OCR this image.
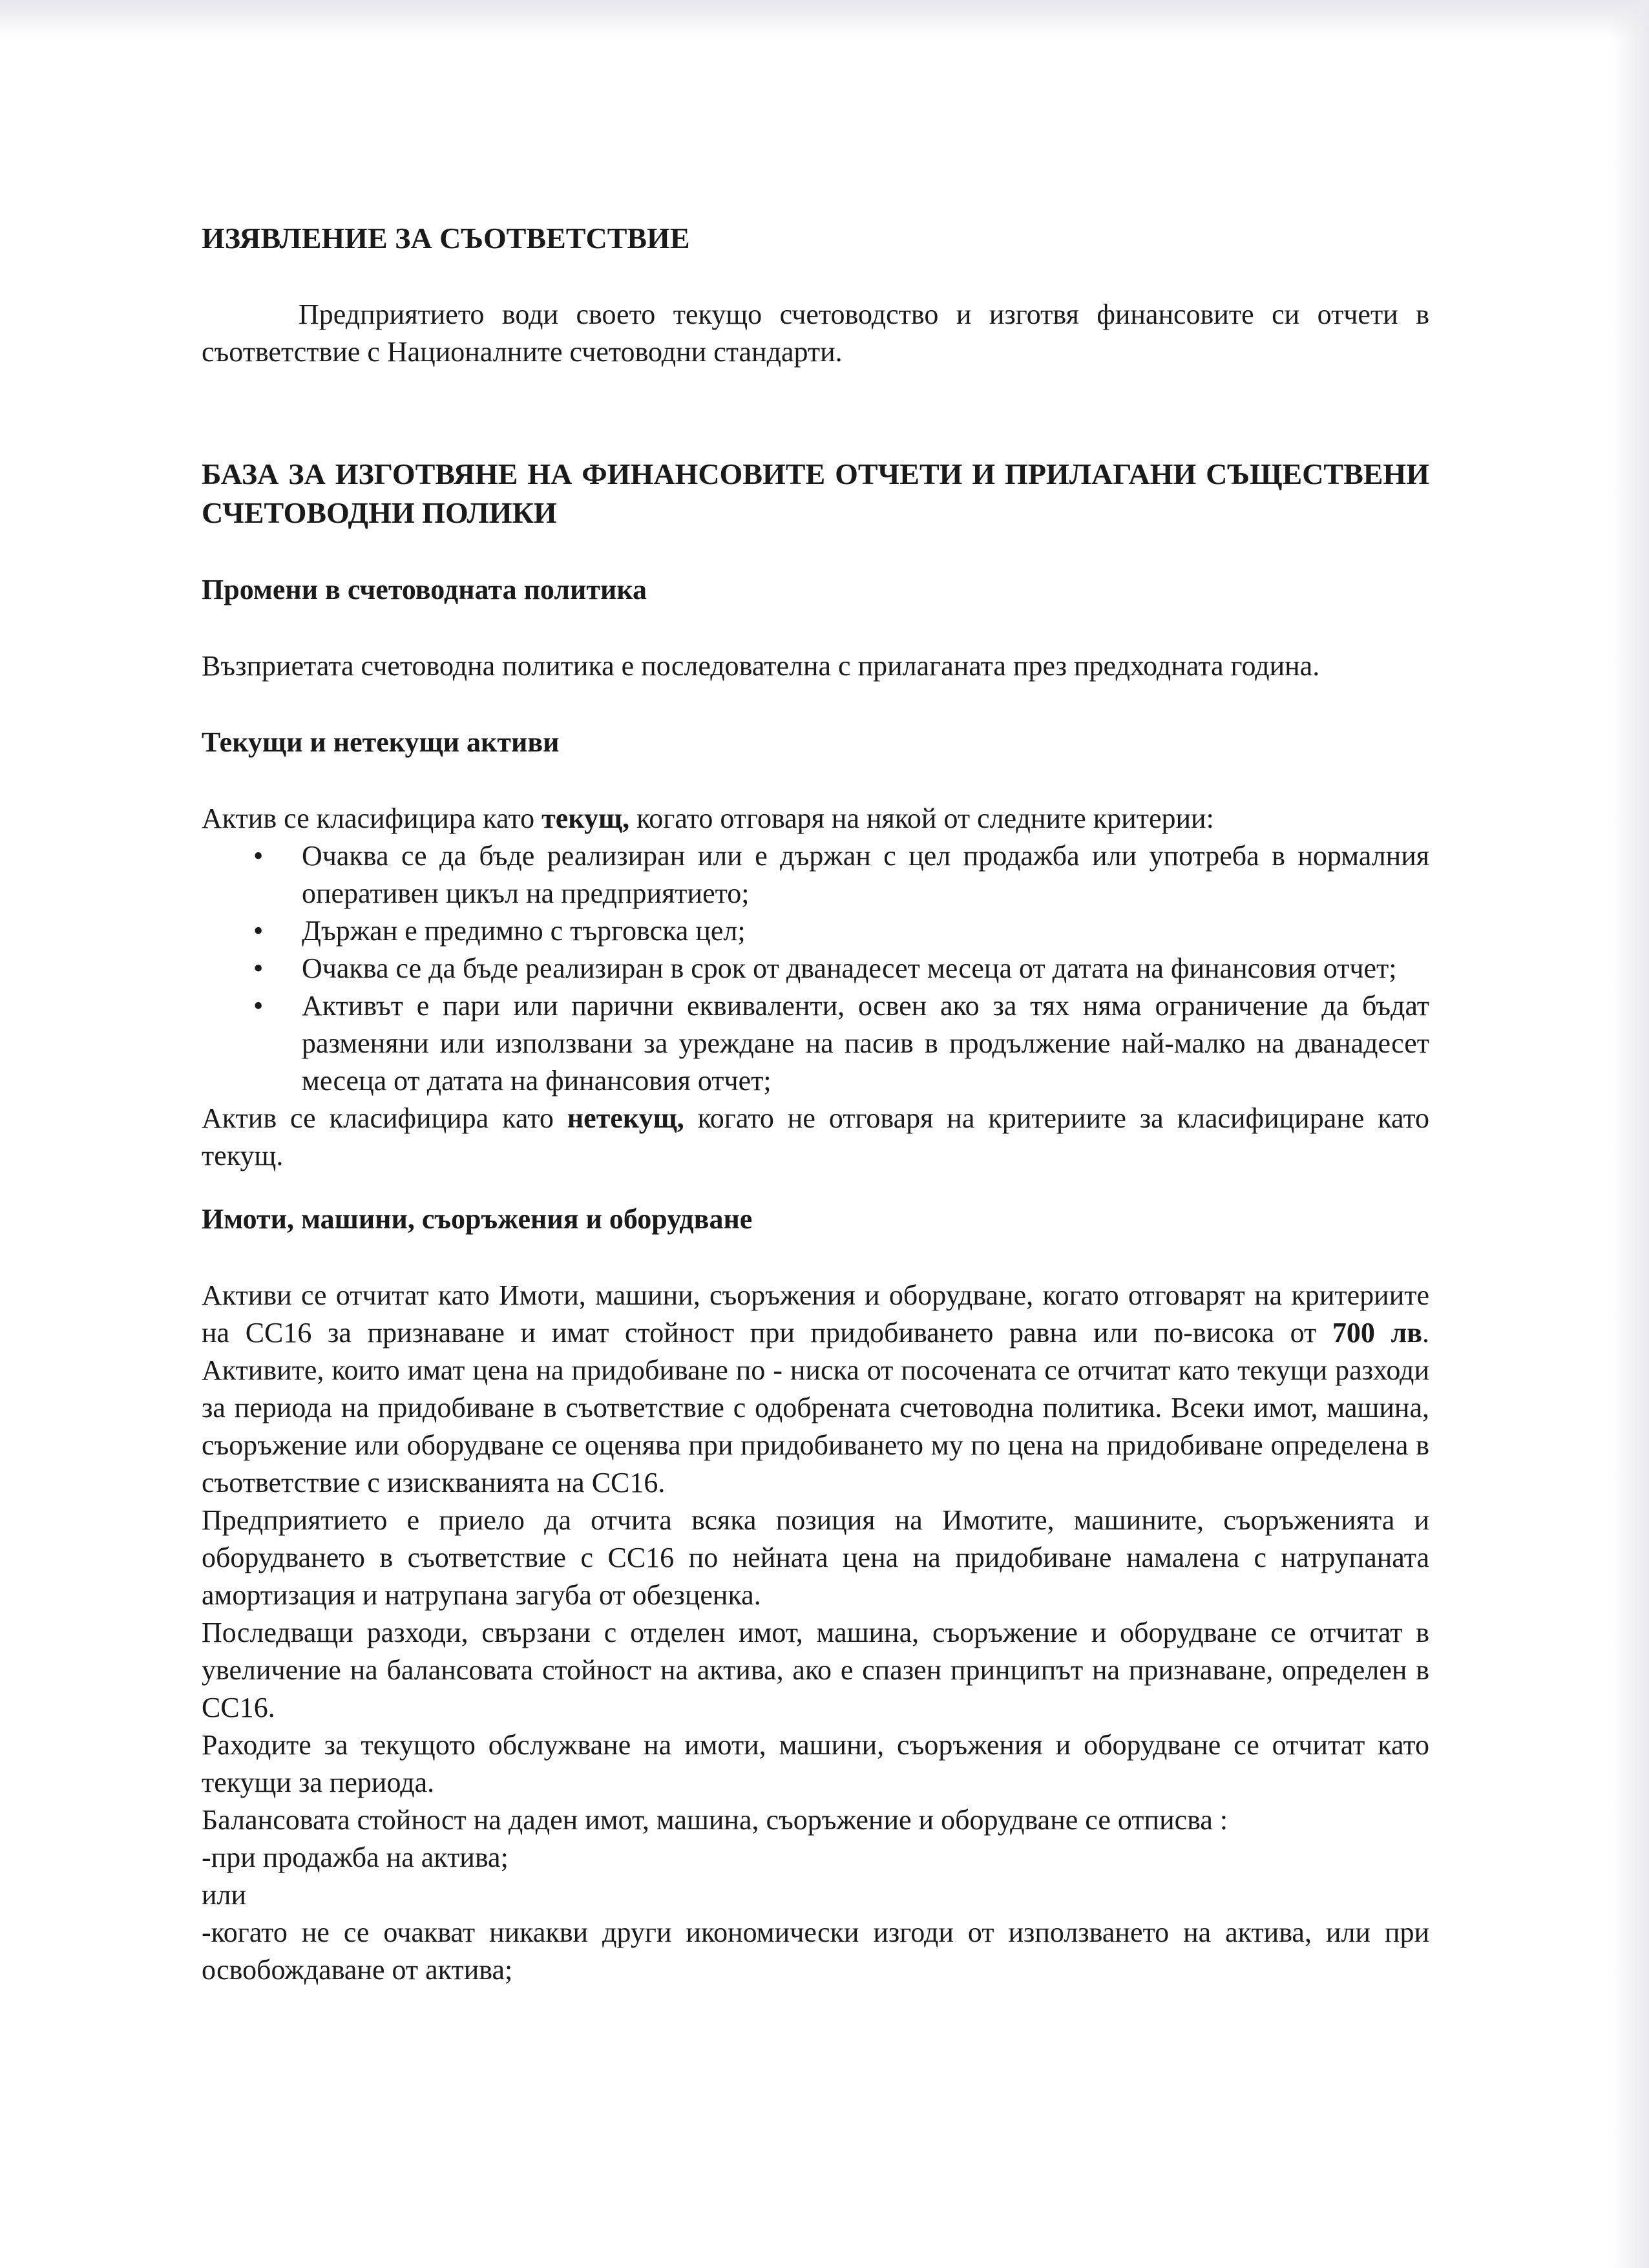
ИЗЯВЛЕНИЕ ЗА СЪОТВЕТСТВИЕ

Предприятието води своето текущо счетоводство и изготвя финансовите си отчети в съответствие с Националните счетоводни стандарти.

БАЗА ЗА ИЗГОТВЯНЕ НА ФИНАНСОВИТЕ ОТЧЕТИ И ПРИЛАГАНИ СЪЩЕСТВЕНИ СЧЕТОВОДНИ ПОЛИКИ
Промени в счетоводната политика

Възприетата счетоводна политика е последователна с прилаганата през предходната година.

Текущи и нетекущи активи

Актив се класифицира като текущ, когато отговаря на някой от следните критерии:

• Очаква се да бъде реализиран или е държан с цел продажба или употреба в нормалния оперативен цикъл на предприятието;
• Държан е предимно с търговска цел;
• Очаква се да бъде реализиран в срок от дванадесет месеца от датата на финансовия отчет;
• Активът е пари или парични еквиваленти, освен ако за тях няма ограничение да бъдат разменяни или използвани за уреждане на пасив в продължение най-малко на дванадесет месеца от датата на финансовия отчет;

Актив се класифицира като нетекущ, когато не отговаря на критериите за класифициране като текущ.

Имоти, машини, съоръжения и оборудване

Активи се отчитат като Имоти, машини, съоръжения и оборудване, когато отговарят на критериите на СС16 за признаване и имат стойност при придобиването равна или по-висока от 700 лв. Активите, които имат цена на придобиване по - ниска от посочената се отчитат като текущи разходи за периода на придобиване в съответствие с одобрената счетоводна политика. Всеки имот, машина, съоръжение или оборудване се оценява при придобиването му по цена на придобиване определена в съответствие с изискванията на СС16.

Предприятието е приело да отчита всяка позиция на Имотите, машините, съоръженията и оборудването в съответствие с СС16 по нейната цена на придобиване намалена с натрупаната амортизация и натрупана загуба от обезценка.

Последващи разходи, свързани с отделен имот, машина, съоръжение и оборудване се отчитат в увеличение на балансовата стойност на актива, ако е спазен принципът на признаване, определен в СС16.

Раходите за текущото обслужване на имоти, машини, съоръжения и оборудване се отчитат като текущи за периода.

Балансовата стойност на даден имот, машина, съоръжение и оборудване се отписва :

-при продажба на актива;

или

-когато не се очакват никакви други икономически изгоди от използването на актива, или при освобождаване от актива;
